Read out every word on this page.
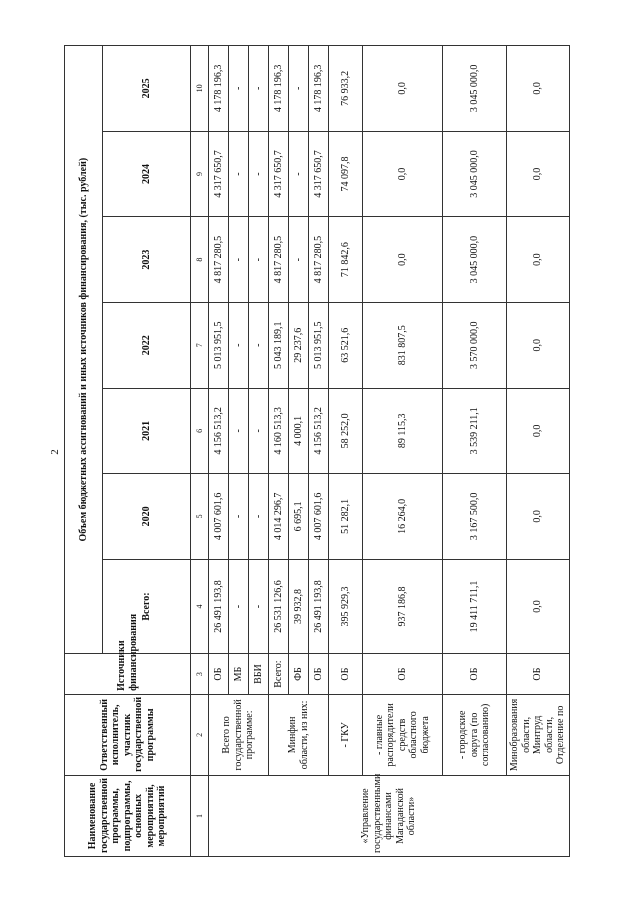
2
Наименование государственной программы, подпрограммы, основных мероприятий, мероприятий	Ответственный исполнитель, участник государственной программы	Источники финансирования	Объем бюджетных ассигнований и иных источников финансирования, (тыс. рублей)						
			Всего:	2020	2021	2022	2023	2024	2025
1	2	3	4	5	6	7	8	9	10
«Управление государственными финансами Магаданской области»	Всего по государственной программе:	ОБ	26 491 193,8	4 007 601,6	4 156 513,2	5 013 951,5	4 817 280,5	4 317 650,7	4 178 196,3
		МБ	-	-	-	-	-	-	-
		ВБИ	-	-	-	-	-	-	-
	Минфин области, из них:	Всего:	26 531 126,6	4 014 296,7	4 160 513,3	5 043 189,1	4 817 280,5	4 317 650,7	4 178 196,3
		ФБ	39 932,8	6 695,1	4 000,1	29 237,6	-	-	-
		ОБ	26 491 193,8	4 007 601,6	4 156 513,2	5 013 951,5	4 817 280,5	4 317 650,7	4 178 196,3
	- ГКУ	ОБ	395 929,3	51 282,1	58 252,0	63 521,6	71 842,6	74 097,8	76 933,2
	- главные распорядители средств областного бюджета	ОБ	937 186,8	16 264,0	89 115,3	831 807,5	0,0	0,0	0,0
	- городские округа (по согласованию)	ОБ	19 411 711,1	3 167 500,0	3 539 211,1	3 570 000,0	3 045 000,0	3 045 000,0	3 045 000,0
	Минобразования области, Минтруд области, Отделение по	ОБ	0,0	0,0	0,0	0,0	0,0	0,0	0,0
